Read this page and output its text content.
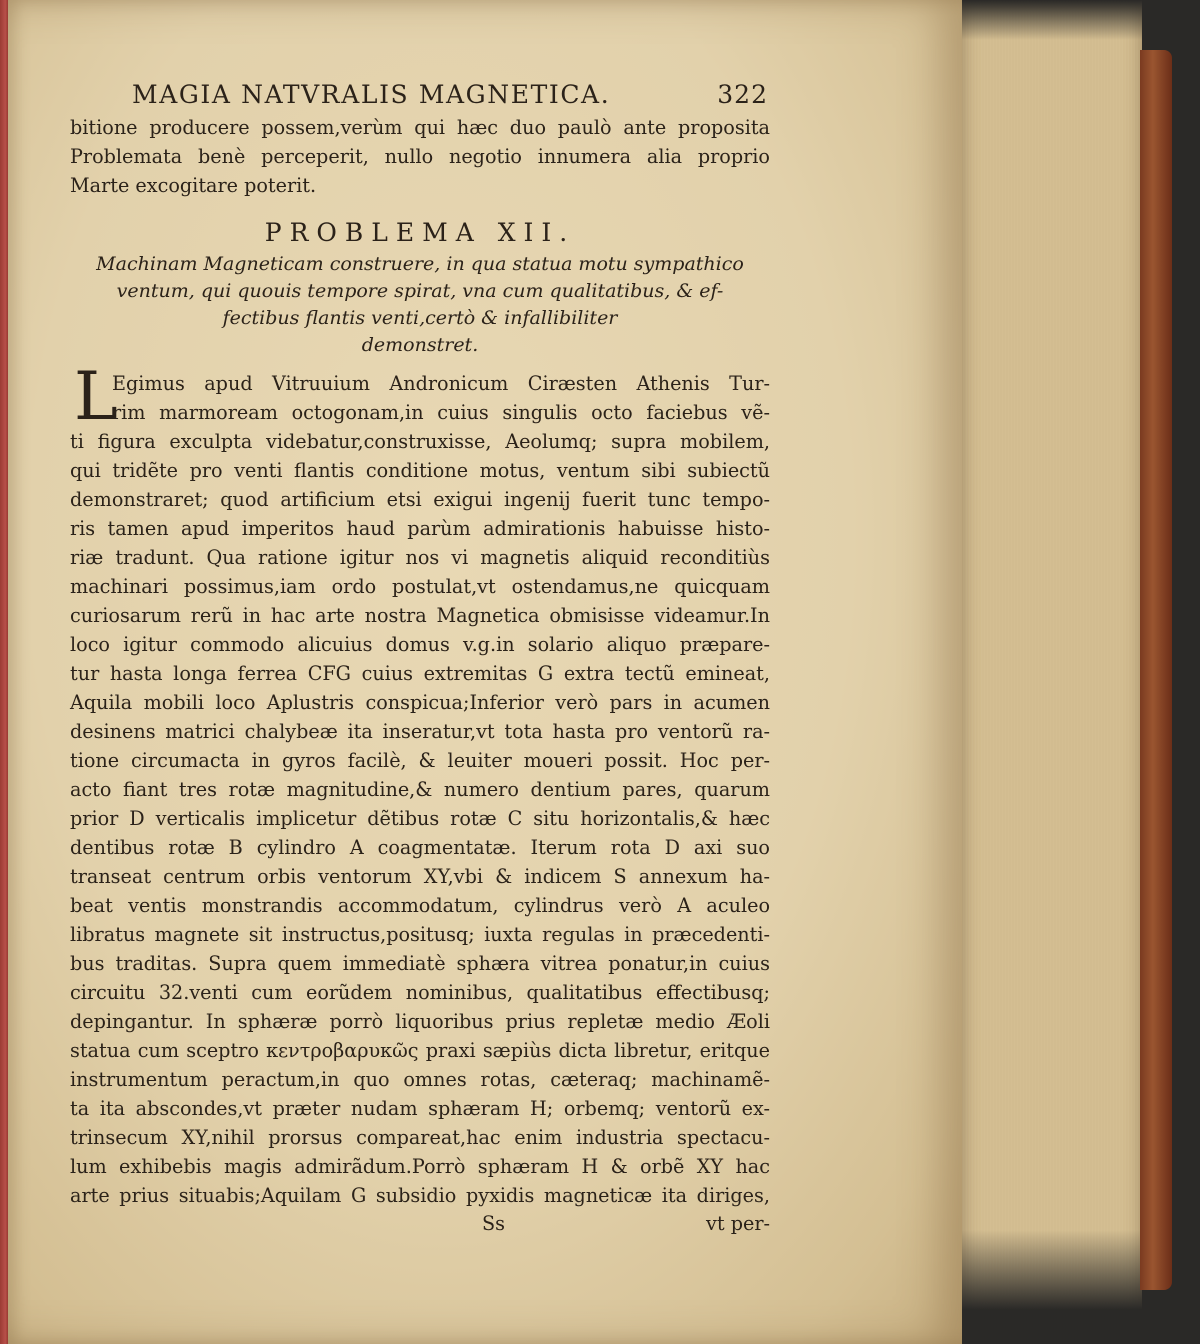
MAGIA NATVRALIS MAGNETICA.	322
bitione producere possem,verùm qui hæc duo paulò ante proposita
Problemata benè perceperit, nullo negotio innumera alia proprio
Marte excogitare poterit.
PROBLEMA XII.
Machinam Magneticam construere, in qua statua motu sympathico
ventum, qui quouis tempore spirat, vna cum qualitatibus, & ef-
fectibus flantis venti,certò & infallibiliter
demonstret.
L
Egimus apud Vitruuium Andronicum Ciræsten Athenis Tur-
rim marmoream octogonam,in cuius singulis octo faciebus vẽ-
ti figura exculpta videbatur,construxisse, Aeolumq; supra mobilem,
qui tridẽte pro venti flantis conditione motus, ventum sibi subiectũ
demonstraret; quod artificium etsi exigui ingenij fuerit tunc tempo-
ris tamen apud imperitos haud parùm admirationis habuisse histo-
riæ tradunt. Qua ratione igitur nos vi magnetis aliquid reconditiùs
machinari possimus,iam ordo postulat,vt ostendamus,ne quicquam
curiosarum rerũ in hac arte nostra Magnetica obmisisse videamur.In
loco igitur commodo alicuius domus v.g.in solario aliquo præpare-
tur hasta longa ferrea CFG cuius extremitas G extra tectũ emineat,
Aquila mobili loco Aplustris conspicua;Inferior verò pars in acumen
desinens matrici chalybeæ ita inseratur,vt tota hasta pro ventorũ ra-
tione circumacta in gyros facilè, & leuiter moueri possit. Hoc per-
acto fiant tres rotæ magnitudine,& numero dentium pares, quarum
prior D verticalis implicetur dẽtibus rotæ C situ horizontalis,& hæc
dentibus rotæ B cylindro A coagmentatæ. Iterum rota D axi suo
transeat centrum orbis ventorum XY,vbi & indicem S annexum ha-
beat ventis monstrandis accommodatum, cylindrus verò A aculeo
libratus magnete sit instructus,positusq; iuxta regulas in præcedenti-
bus traditas. Supra quem immediatè sphæra vitrea ponatur,in cuius
circuitu 32.venti cum eorũdem nominibus, qualitatibus effectibusq;
depingantur. In sphæræ porrò liquoribus prius repletæ medio Æoli
statua cum sceptro κεντροβαρυκῶς praxi sæpiùs dicta libretur, eritque
instrumentum peractum,in quo omnes rotas, cæteraq; machinamẽ-
ta ita abscondes,vt præter nudam sphæram H; orbemq; ventorũ ex-
trinsecum XY,nihil prorsus compareat,hac enim industria spectacu-
lum exhibebis magis admirãdum.Porrò sphæram H & orbẽ XY hac
arte prius situabis;Aquilam G subsidio pyxidis magneticæ ita diriges,
Ss	vt per-
